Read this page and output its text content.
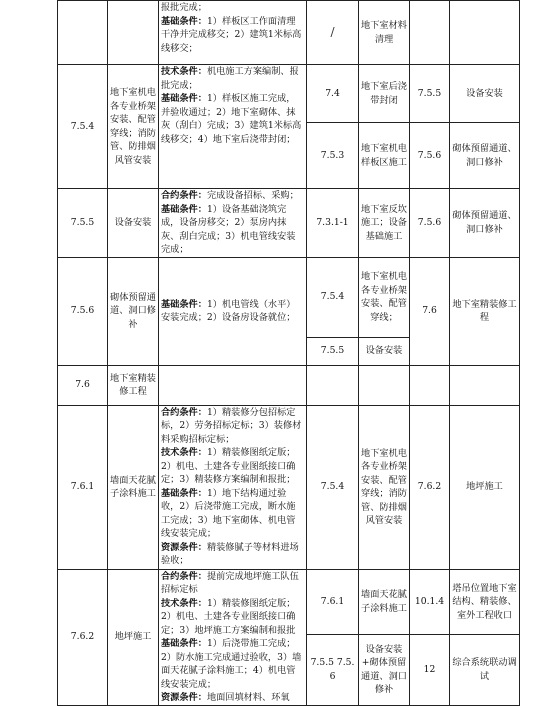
		报批完成；
基础条件：1）样板区工作面清理干净并完成移交；2）建筑1米标高线移交；	/	地下室材料清理		
7.5.4	地下室机电各专业桥架安装、配管穿线；消防管、防排烟风管安装	技术条件：机电施工方案编制、报批完成；
基础条件：1）样板区施工完成，并验收通过；2）地下室砌体、抹灰（刮白）完成；3）建筑1米标高线移交；4）地下室后浇带封闭；	7.4	地下室后浇带封闭	7.5.5	设备安装
			7.5.3	地下室机电样板区施工	7.5.6	砌体预留通道、洞口修补
7.5.5	设备安装	合约条件：完成设备招标、采购；
基础条件：1）设备基础浇筑完成，设备房移交；2）泵房内抹灰、刮白完成；3）机电管线安装完成；	7.3.1-1	地下室反坎施工；设备基础施工	7.5.6	砌体预留通道、洞口修补
7.5.6	砌体预留通道、洞口修补	基础条件：1）机电管线（水平）安装完成；2）设备房设备就位；	7.5.4	地下室机电各专业桥架安装、配管穿线；	7.6	地下室精装修工程
			7.5.5	设备安装		
7.6	地下室精装修工程					
7.6.1	墙面天花腻子涂料施工	合约条件：1）精装修分包招标定标，2）劳务招标定标；3）装修材料采购招标定标；
技术条件：1）精装修图纸定版；2）机电、土建各专业图纸接口确定；3）精装修方案编制和报批；
基础条件：1）地下结构通过验收，2）后浇带施工完成，断水施工完成；3）地下室砌体、机电管线安装完成；
资源条件：精装修腻子等材料进场验收；	7.5.4	地下室机电各专业桥架安装、配管穿线；消防管、防排烟风管安装	7.6.2	地坪施工
7.6.2	地坪施工	合约条件：提前完成地坪施工队伍招标定标
技术条件：1）精装修图纸定版；2）机电、土建各专业图纸接口确定；3）地坪施工方案编制和报批
基础条件：1）后浇带施工完成；2）防水施工完成通过验收，3）墙面天花腻子涂料施工；4）机电管线安装完成；
资源条件：地面回填材料、环氧	7.6.1	墙面天花腻子涂料施工	10.1.4	塔吊位置地下室结构、精装修、室外工程收口
			7.5.5 7.5.6	设备安装+砌体预留通道、洞口修补	12	综合系统联动调试
